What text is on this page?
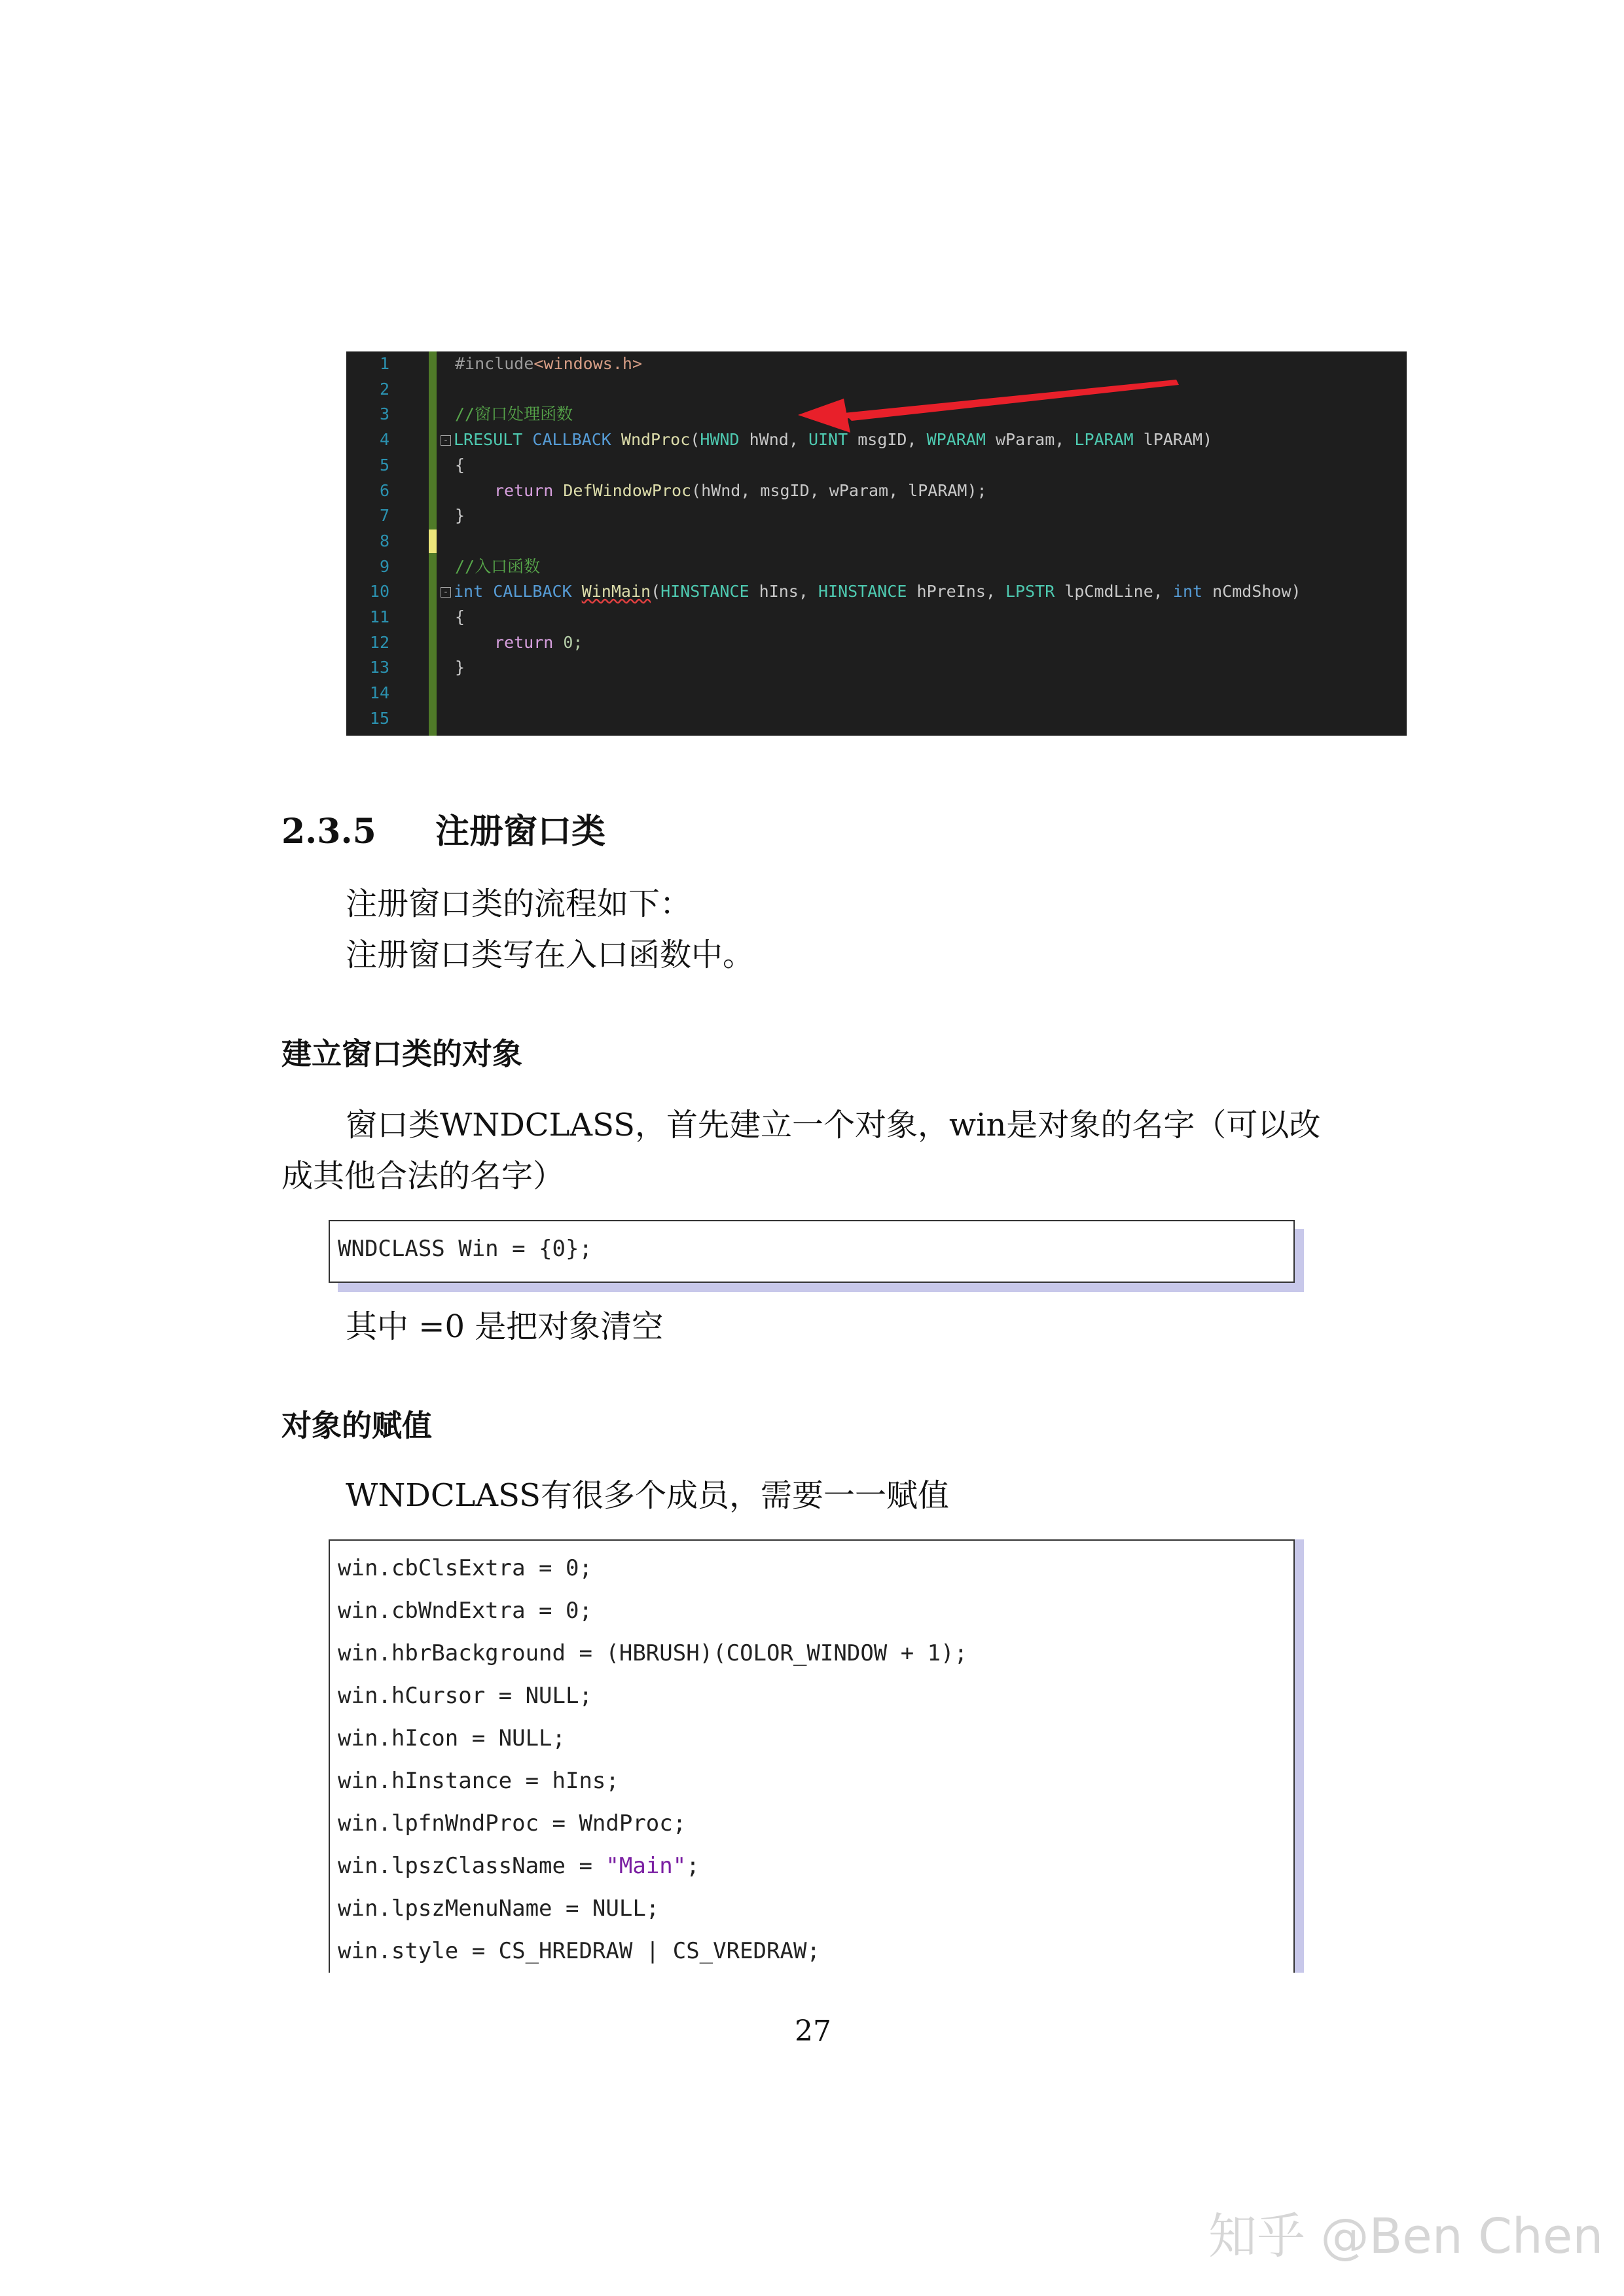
1
2
3
4
5
6
7
8
9
10
11
12
13
14
15
#include<windows.h>
//窗口处理函数
- LRESULT CALLBACK WndProc(HWND hWnd, UINT msgID, WPARAM wParam, LPARAM lPARAM)
{
return DefWindowProc(hWnd, msgID, wParam, lPARAM);
}
//入口函数
- int CALLBACK WinMain(HINSTANCE hIns, HINSTANCE hPreIns, LPSTR lpCmdLine, int nCmdShow)
{
return 0;
}
2.3.5 注册窗口类
注册窗口类的流程如下：
注册窗口类写在入口函数中。
建立窗口类的对象
窗口类WNDCLASS，首先建立一个对象，win是对象的名字（可以改
成其他合法的名字）
WNDCLASS Win = {0};
其中 =0 是把对象清空
对象的赋值
WNDCLASS有很多个成员，需要一一赋值
win.cbClsExtra = 0;
win.cbWndExtra = 0;
win.hbrBackground = (HBRUSH)(COLOR_WINDOW + 1);
win.hCursor = NULL;
win.hIcon = NULL;
win.hInstance = hIns;
win.lpfnWndProc = WndProc;
win.lpszClassName = "Main";
win.lpszMenuName = NULL;
win.style = CS_HREDRAW | CS_VREDRAW;
27
知乎 @Ben Chen
